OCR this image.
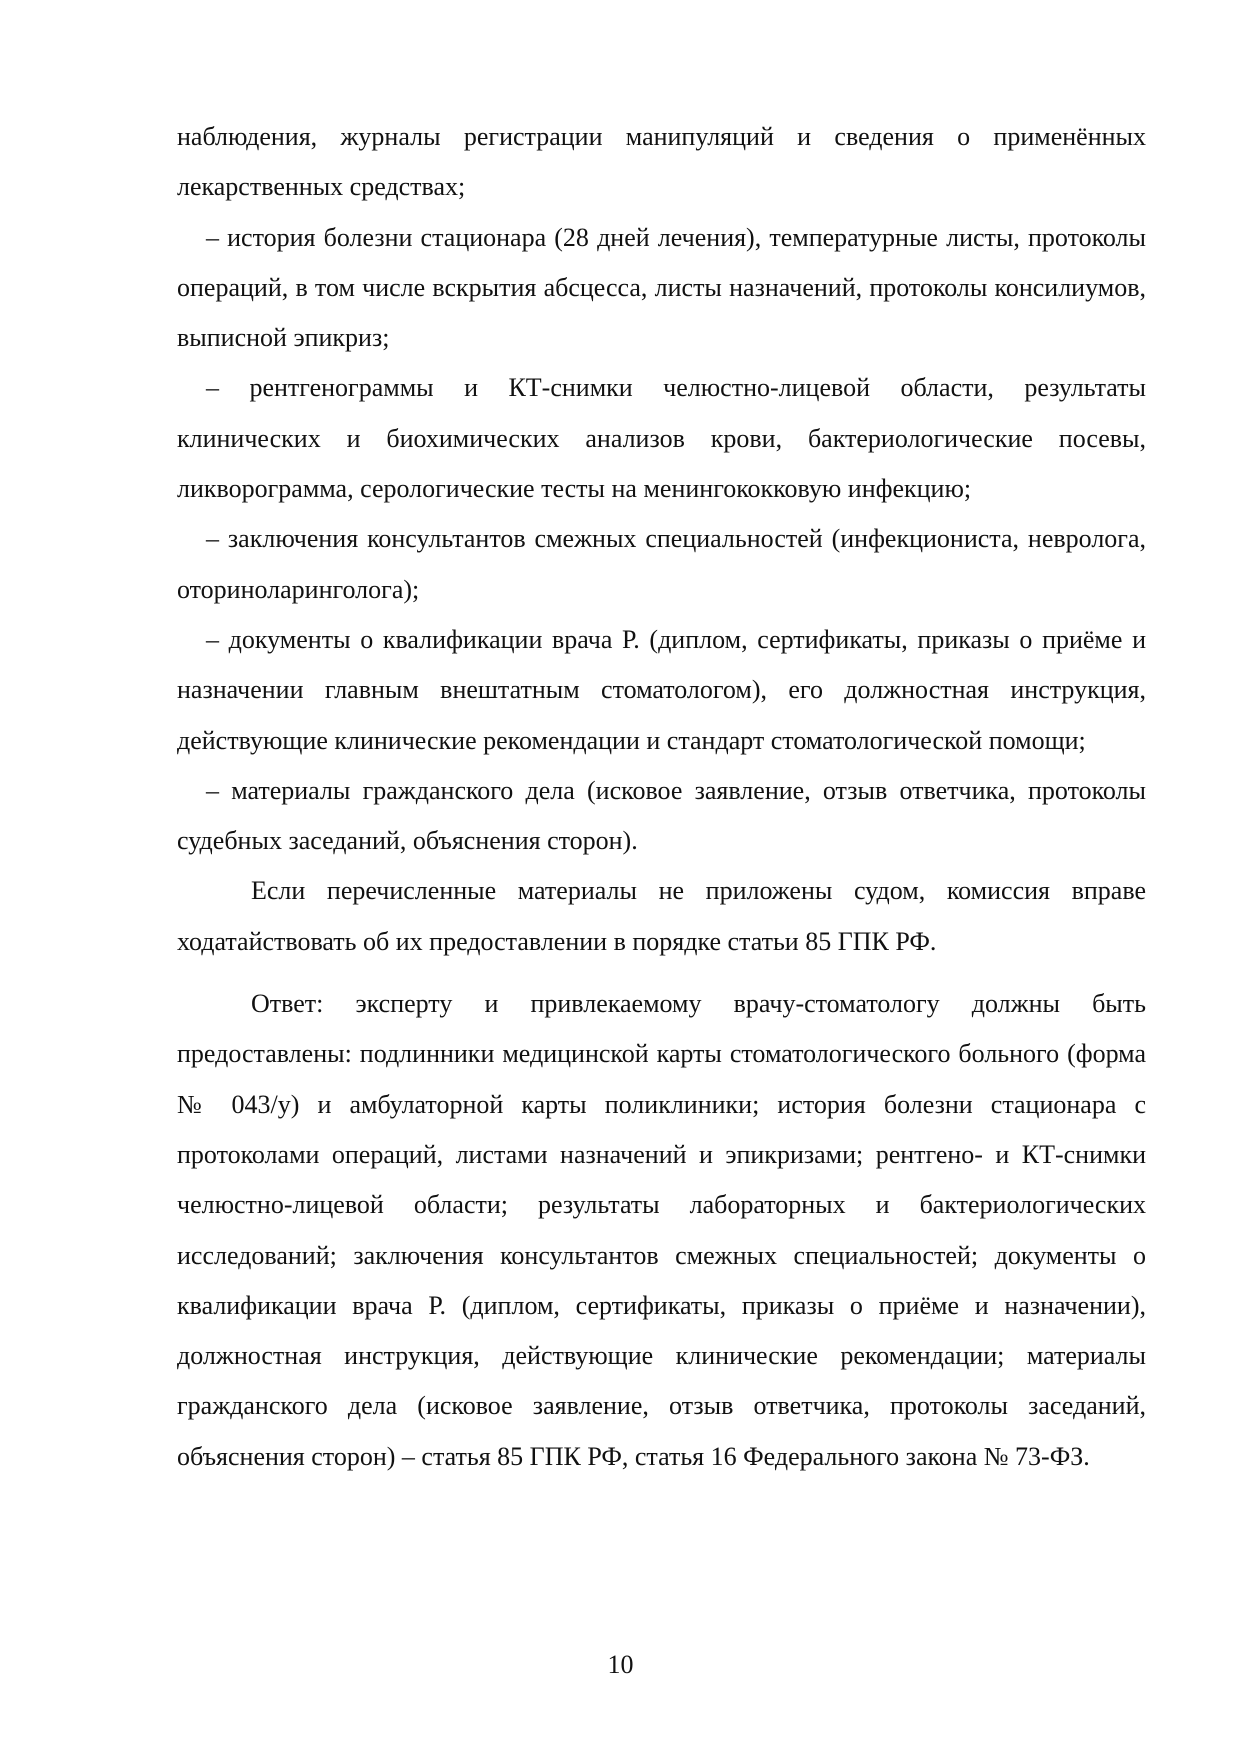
наблюдения, журналы регистрации манипуляций и сведения о применённых лекарственных средствах;

– история болезни стационара (28 дней лечения), температурные листы, протоколы операций, в том числе вскрытия абсцесса, листы назначений, протоколы консилиумов, выписной эпикриз;

– рентгенограммы и КТ-снимки челюстно-лицевой области, результаты клинических и биохимических анализов крови, бактериологические посевы, ликворограмма, серологические тесты на менингококковую инфекцию;

– заключения консультантов смежных специальностей (инфекциониста, невролога, оториноларинголога);

– документы о квалификации врача Р. (диплом, сертификаты, приказы о приёме и назначении главным внештатным стоматологом), его должностная инструкция, действующие клинические рекомендации и стандарт стоматологической помощи;

– материалы гражданского дела (исковое заявление, отзыв ответчика, протоколы судебных заседаний, объяснения сторон).

Если перечисленные материалы не приложены судом, комиссия вправе ходатайствовать об их предоставлении в порядке статьи 85 ГПК РФ.

Ответ: эксперту и привлекаемому врачу-стоматологу должны быть предоставлены: подлинники медицинской карты стоматологического больного (форма № 043/у) и амбулаторной карты поликлиники; история болезни стационара с протоколами операций, листами назначений и эпикризами; рентгено- и КТ-снимки челюстно-лицевой области; результаты лабораторных и бактериологических исследований; заключения консультантов смежных специальностей; документы о квалификации врача Р. (диплом, сертификаты, приказы о приёме и назначении), должностная инструкция, действующие клинические рекомендации; материалы гражданского дела (исковое заявление, отзыв ответчика, протоколы заседаний, объяснения сторон) – статья 85 ГПК РФ, статья 16 Федерального закона № 73-ФЗ.

10
